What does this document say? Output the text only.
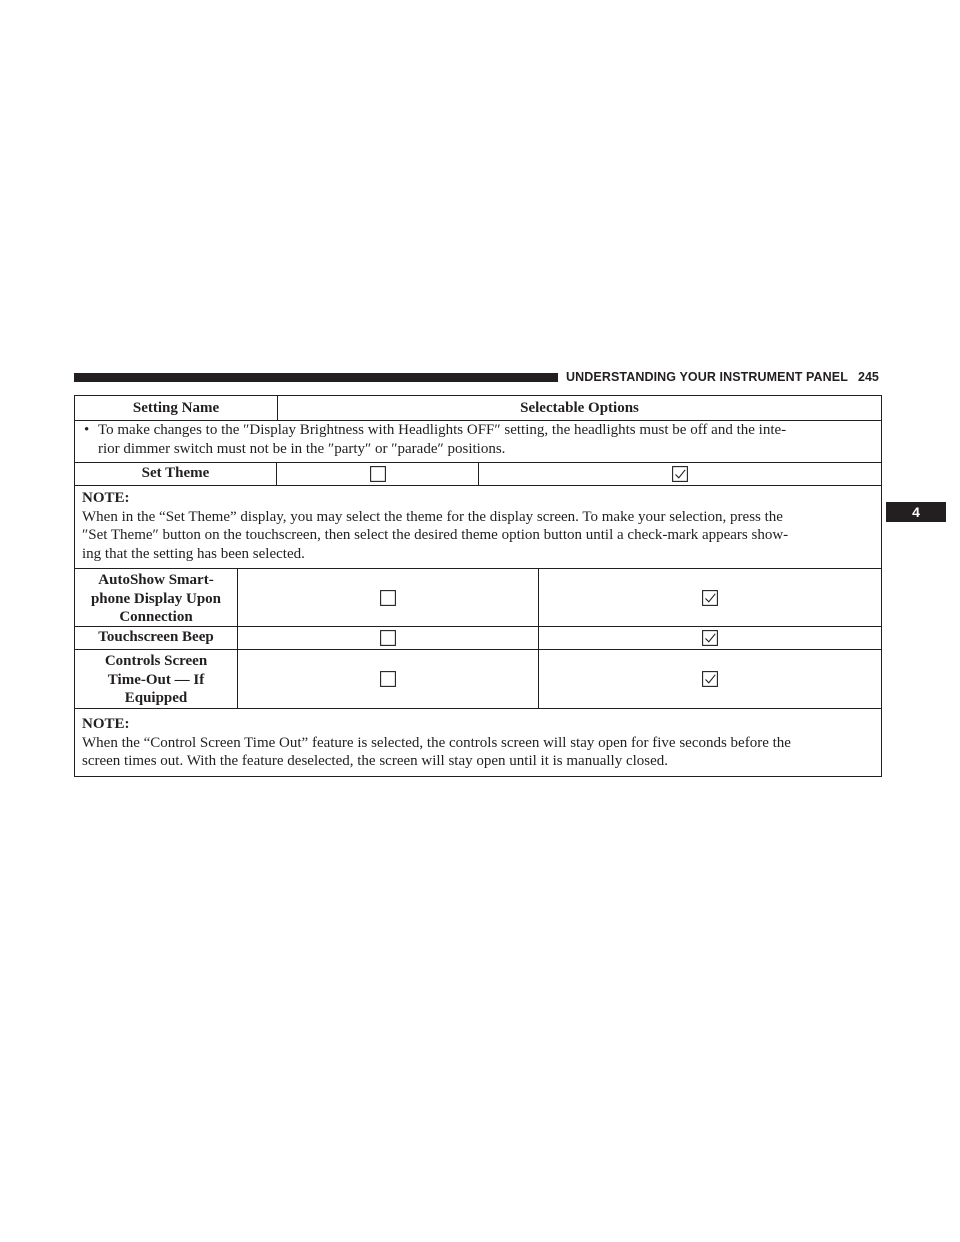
UNDERSTANDING YOUR INSTRUMENT PANEL 245
4
Setting Name	Selectable Options
• To make changes to the ″Display Brightness with Headlights OFF″ setting, the headlights must be off and the inte-
rior dimmer switch must not be in the ″party″ or ″parade″ positions.
Set Theme
NOTE:
When in the “Set Theme” display, you may select the theme for the display screen. To make your selection, press the
″Set Theme″ button on the touchscreen, then select the desired theme option button until a check-mark appears show-
ing that the setting has been selected.
AutoShow Smart-
phone Display Upon
Connection
Touchscreen Beep
Controls Screen
Time-Out — If
Equipped
NOTE:
When the “Control Screen Time Out” feature is selected, the controls screen will stay open for five seconds before the
screen times out. With the feature deselected, the screen will stay open until it is manually closed.
